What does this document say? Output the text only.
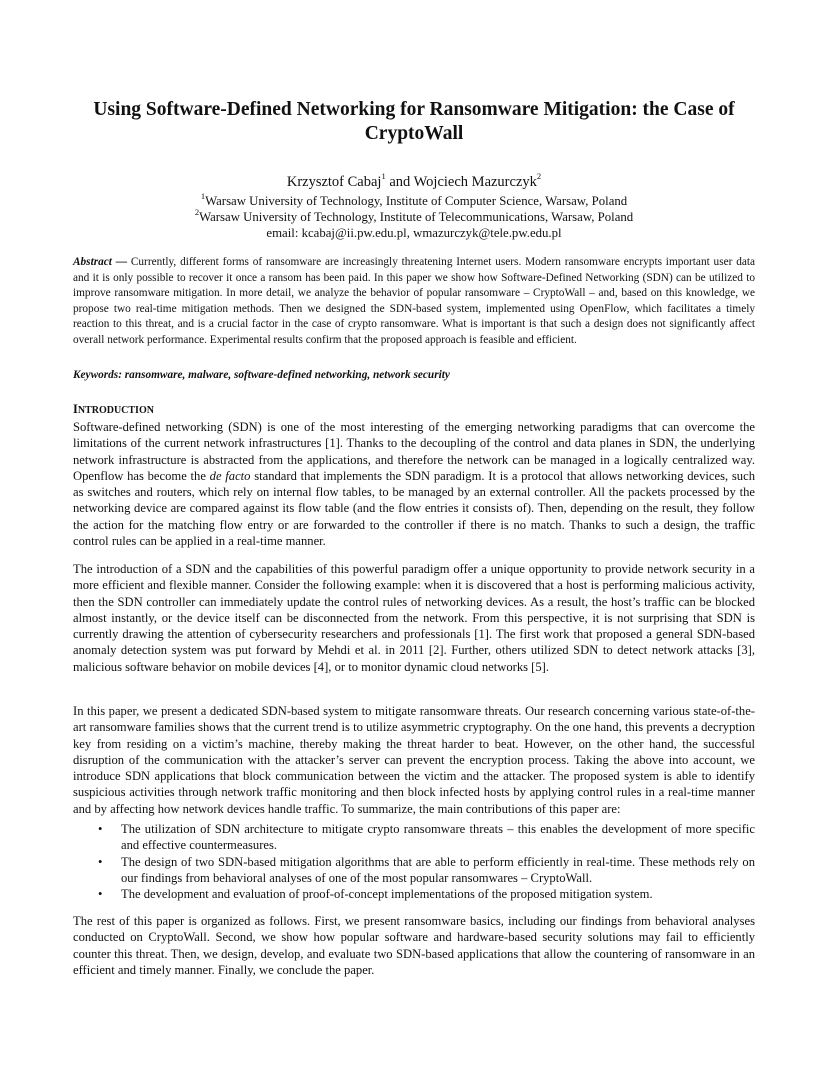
Using Software-Defined Networking for Ransomware Mitigation: the Case of CryptoWall
Krzysztof Cabaj$^1$ and Wojciech Mazurczyk$^2$
$^1$Warsaw University of Technology, Institute of Computer Science, Warsaw, Poland
$^2$Warsaw University of Technology, Institute of Telecommunications, Warsaw, Poland
email: kcabaj@ii.pw.edu.pl, wmazurczyk@tele.pw.edu.pl
Abstract — Currently, different forms of ransomware are increasingly threatening Internet users. Modern ransomware encrypts important user data and it is only possible to recover it once a ransom has been paid. In this paper we show how Software-Defined Networking (SDN) can be utilized to improve ransomware mitigation. In more detail, we analyze the behavior of popular ransomware – CryptoWall – and, based on this knowledge, we propose two real-time mitigation methods. Then we designed the SDN-based system, implemented using OpenFlow, which facilitates a timely reaction to this threat, and is a crucial factor in the case of crypto ransomware. What is important is that such a design does not significantly affect overall network performance. Experimental results confirm that the proposed approach is feasible and efficient.
Keywords: ransomware, malware, software-defined networking, network security
INTRODUCTION
Software-defined networking (SDN) is one of the most interesting of the emerging networking paradigms that can overcome the limitations of the current network infrastructures [1]. Thanks to the decoupling of the control and data planes in SDN, the underlying network infrastructure is abstracted from the applications, and therefore the network can be managed in a logically centralized way. Openflow has become the de facto standard that implements the SDN paradigm. It is a protocol that allows networking devices, such as switches and routers, which rely on internal flow tables, to be managed by an external controller. All the packets processed by the networking device are compared against its flow table (and the flow entries it consists of). Then, depending on the result, they follow the action for the matching flow entry or are forwarded to the controller if there is no match. Thanks to such a design, the traffic control rules can be applied in a real-time manner.
The introduction of a SDN and the capabilities of this powerful paradigm offer a unique opportunity to provide network security in a more efficient and flexible manner. Consider the following example: when it is discovered that a host is performing malicious activity, then the SDN controller can immediately update the control rules of networking devices. As a result, the host’s traffic can be blocked almost instantly, or the device itself can be disconnected from the network. From this perspective, it is not surprising that SDN is currently drawing the attention of cybersecurity researchers and professionals [1]. The first work that proposed a general SDN-based anomaly detection system was put forward by Mehdi et al. in 2011 [2]. Further, others utilized SDN to detect network attacks [3], malicious software behavior on mobile devices [4], or to monitor dynamic cloud networks [5].
In this paper, we present a dedicated SDN-based system to mitigate ransomware threats. Our research concerning various state-of-the-art ransomware families shows that the current trend is to utilize asymmetric cryptography. On the one hand, this prevents a decryption key from residing on a victim’s machine, thereby making the threat harder to beat. However, on the other hand, the successful disruption of the communication with the attacker’s server can prevent the encryption process. Taking the above into account, we introduce SDN applications that block communication between the victim and the attacker. The proposed system is able to identify suspicious activities through network traffic monitoring and then block infected hosts by applying control rules in a real-time manner and by affecting how network devices handle traffic. To summarize, the main contributions of this paper are:
• The utilization of SDN architecture to mitigate crypto ransomware threats – this enables the development of more specific and effective countermeasures.
• The design of two SDN-based mitigation algorithms that are able to perform efficiently in real-time. These methods rely on our findings from behavioral analyses of one of the most popular ransomwares – CryptoWall.
• The development and evaluation of proof-of-concept implementations of the proposed mitigation system.
The rest of this paper is organized as follows. First, we present ransomware basics, including our findings from behavioral analyses conducted on CryptoWall. Second, we show how popular software and hardware-based security solutions may fail to efficiently counter this threat. Then, we design, develop, and evaluate two SDN-based applications that allow the countering of ransomware in an efficient and timely manner. Finally, we conclude the paper.
